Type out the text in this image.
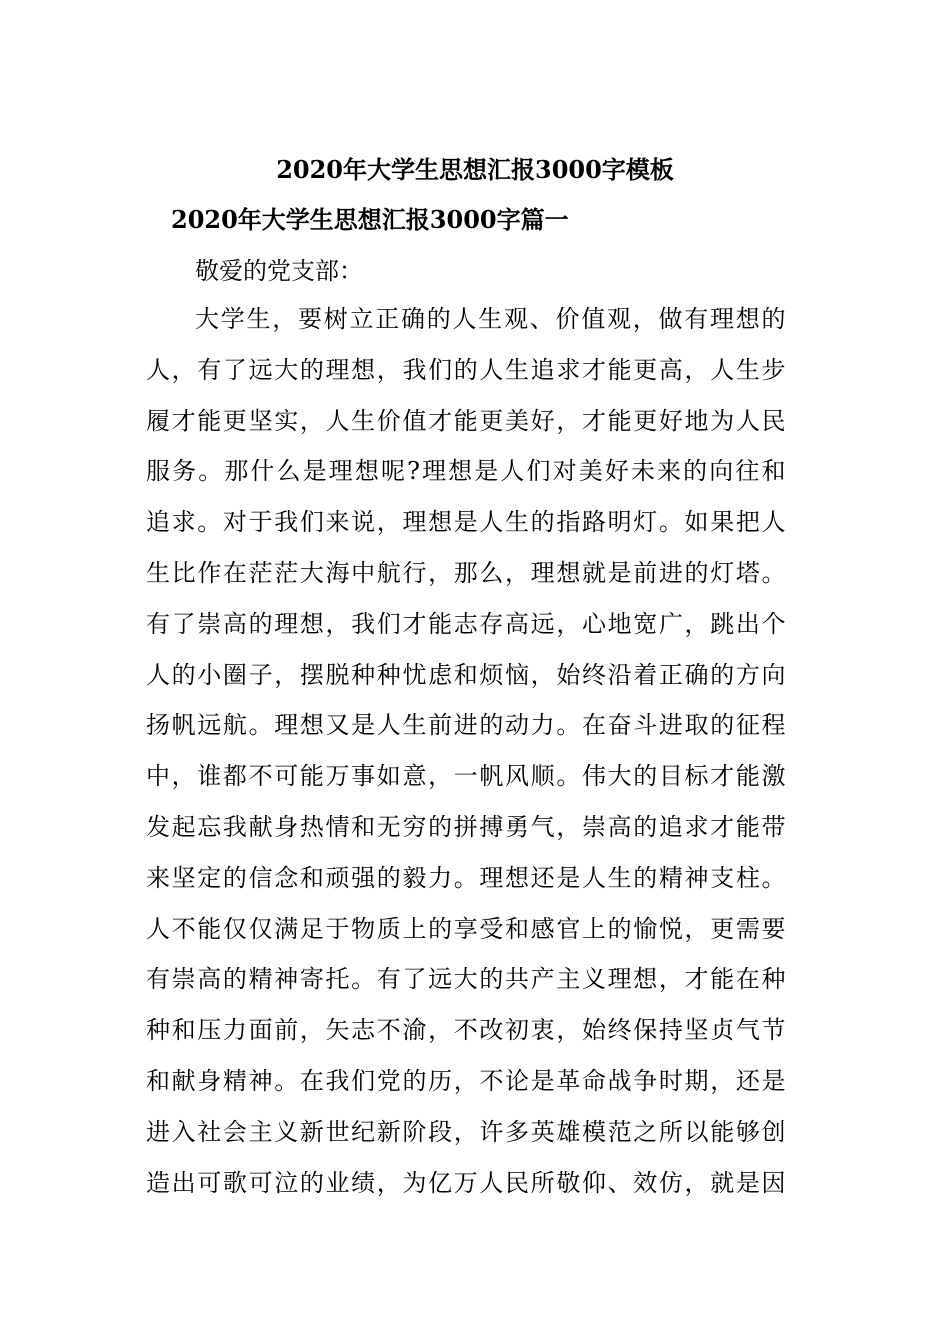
2020年大学生思想汇报3000字模板
2020年大学生思想汇报3000字篇一
敬爱的党支部：
大学生，要树立正确的人生观、价值观，做有理想的
人，有了远大的理想，我们的人生追求才能更高，人生步
履才能更坚实，人生价值才能更美好，才能更好地为人民
服务。那什么是理想呢?理想是人们对美好未来的向往和
追求。对于我们来说，理想是人生的指路明灯。如果把人
生比作在茫茫大海中航行，那么，理想就是前进的灯塔。
有了崇高的理想，我们才能志存高远，心地宽广，跳出个
人的小圈子，摆脱种种忧虑和烦恼，始终沿着正确的方向
扬帆远航。理想又是人生前进的动力。在奋斗进取的征程
中，谁都不可能万事如意，一帆风顺。伟大的目标才能激
发起忘我献身热情和无穷的拼搏勇气，崇高的追求才能带
来坚定的信念和顽强的毅力。理想还是人生的精神支柱。
人不能仅仅满足于物质上的享受和感官上的愉悦，更需要
有崇高的精神寄托。有了远大的共产主义理想，才能在种
种和压力面前，矢志不渝，不改初衷，始终保持坚贞气节
和献身精神。在我们党的历，不论是革命战争时期，还是
进入社会主义新世纪新阶段，许多英雄模范之所以能够创
造出可歌可泣的业绩，为亿万人民所敬仰、效仿，就是因
